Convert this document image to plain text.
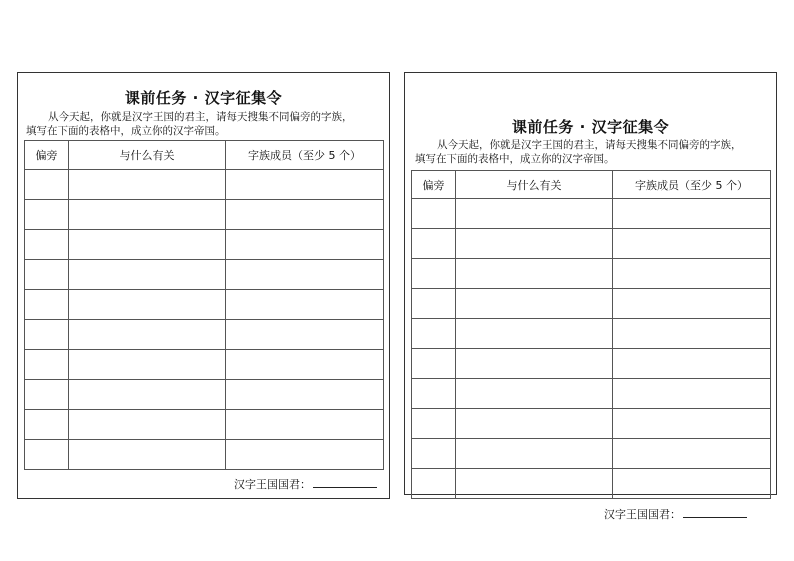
课前任务 · 汉字征集令

从今天起，你就是汉字王国的君主，请每天搜集不同偏旁的字族，
填写在下面的表格中，成立你的汉字帝国。

偏旁	与什么有关	字族成员（至少 5 个）

汉字王国国君：
课前任务 · 汉字征集令

从今天起，你就是汉字王国的君主，请每天搜集不同偏旁的字族，
填写在下面的表格中，成立你的汉字帝国。

偏旁	与什么有关	字族成员（至少 5 个）

汉字王国国君：
